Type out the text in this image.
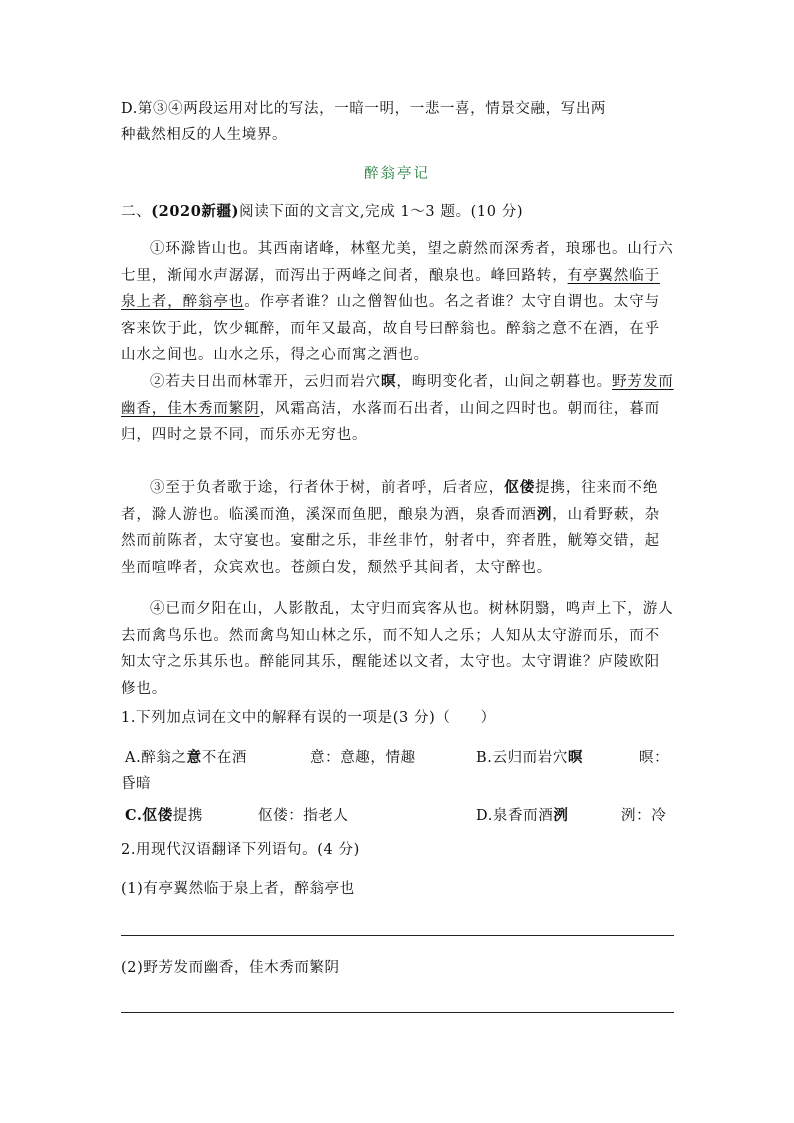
D.第③④两段运用对比的写法，一暗一明，一悲一喜，情景交融，写出两
种截然相反的人生境界。
醉翁亭记
二、(2020新疆)阅读下面的文言文,完成 1～3 题。(10 分)
①环滁皆山也。其西南诸峰，林壑尤美，望之蔚然而深秀者，琅琊也。山行六七里，渐闻水声潺潺，而泻出于两峰之间者，酿泉也。峰回路转，有亭翼然临于泉上者，醉翁亭也。作亭者谁？山之僧智仙也。名之者谁？太守自谓也。太守与客来饮于此，饮少辄醉，而年又最高，故自号曰醉翁也。醉翁之意不在酒，在乎山水之间也。山水之乐，得之心而寓之酒也。
②若夫日出而林霏开，云归而岩穴暝，晦明变化者，山间之朝暮也。野芳发而幽香，佳木秀而繁阴，风霜高洁，水落而石出者，山间之四时也。朝而往，暮而归，四时之景不同，而乐亦无穷也。
③至于负者歌于途，行者休于树，前者呼，后者应，伛偻提携，往来而不绝者，滁人游也。临溪而渔，溪深而鱼肥，酿泉为酒，泉香而酒洌，山肴野蔌，杂然而前陈者，太守宴也。宴酣之乐，非丝非竹，射者中，弈者胜，觥筹交错，起坐而喧哗者，众宾欢也。苍颜白发，颓然乎其间者，太守醉也。
④已而夕阳在山，人影散乱，太守归而宾客从也。树林阴翳，鸣声上下，游人去而禽鸟乐也。然而禽鸟知山林之乐，而不知人之乐；人知从太守游而乐，而不知太守之乐其乐也。醉能同其乐，醒能述以文者，太守也。太守谓谁？庐陵欧阳修也。
1.下列加点词在文中的解释有误的一项是(3 分)（　　）
A.醉翁之意不在酒	意：意趣，情趣	B.云归而岩穴暝	暝：
昏暗
C.伛偻提携	伛偻：指老人	D.泉香而酒洌	洌：冷
2.用现代汉语翻译下列语句。(4 分)
(1)有亭翼然临于泉上者，醉翁亭也
(2)野芳发而幽香，佳木秀而繁阴
